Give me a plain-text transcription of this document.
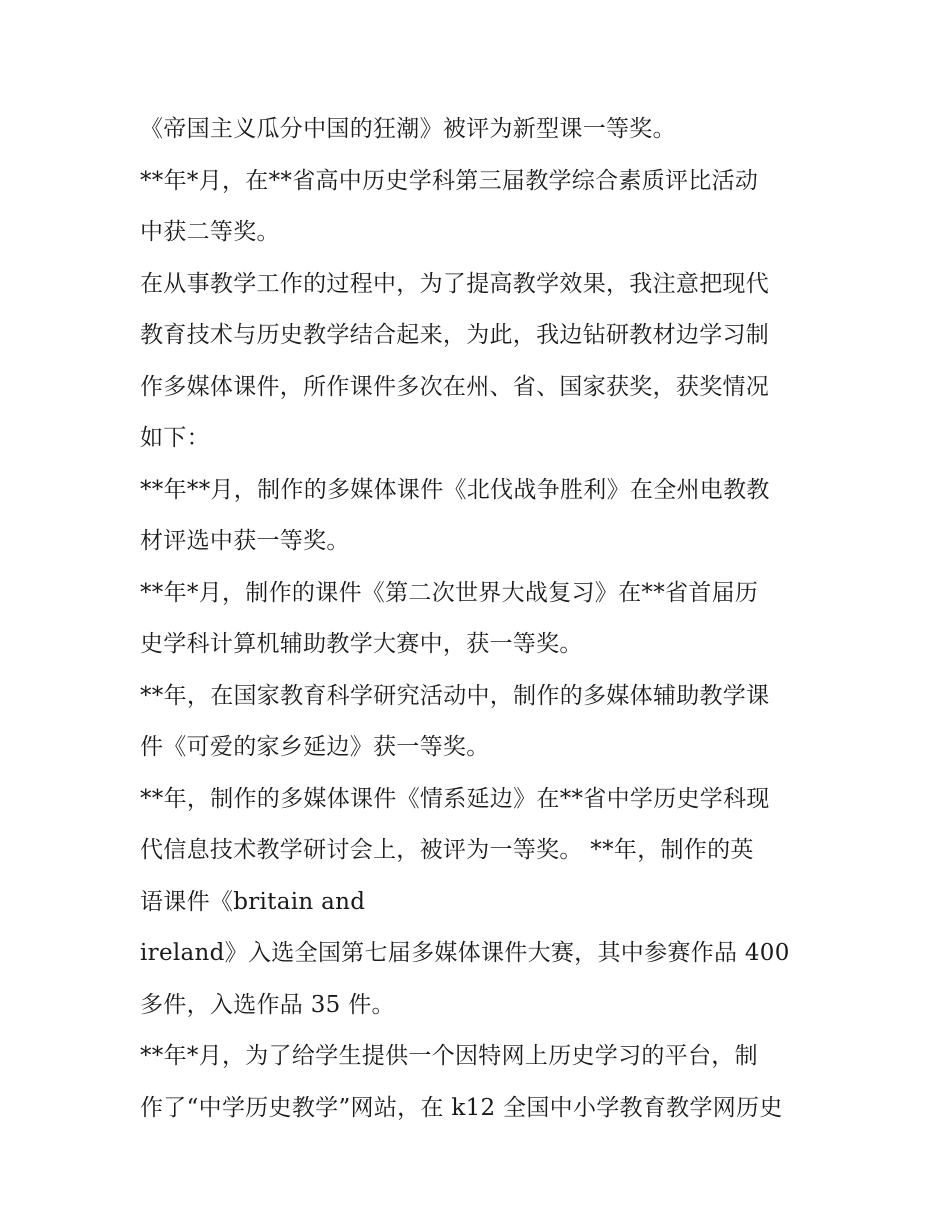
《帝国主义瓜分中国的狂潮》被评为新型课一等奖。
**年*月，在**省高中历史学科第三届教学综合素质评比活动
中获二等奖。
在从事教学工作的过程中，为了提高教学效果，我注意把现代
教育技术与历史教学结合起来，为此，我边钻研教材边学习制
作多媒体课件，所作课件多次在州、省、国家获奖，获奖情况
如下：
**年**月，制作的多媒体课件《北伐战争胜利》在全州电教教
材评选中获一等奖。
**年*月，制作的课件《第二次世界大战复习》在**省首届历
史学科计算机辅助教学大赛中，获一等奖。
**年，在国家教育科学研究活动中，制作的多媒体辅助教学课
件《可爱的家乡延边》获一等奖。
**年，制作的多媒体课件《情系延边》在**省中学历史学科现
代信息技术教学研讨会上，被评为一等奖。 **年，制作的英
语课件《britain and
ireland》入选全国第七届多媒体课件大赛，其中参赛作品 400
多件，入选作品 35 件。
**年*月，为了给学生提供一个因特网上历史学习的平台，制
作了“中学历史教学”网站，在 k12 全国中小学教育教学网历史
